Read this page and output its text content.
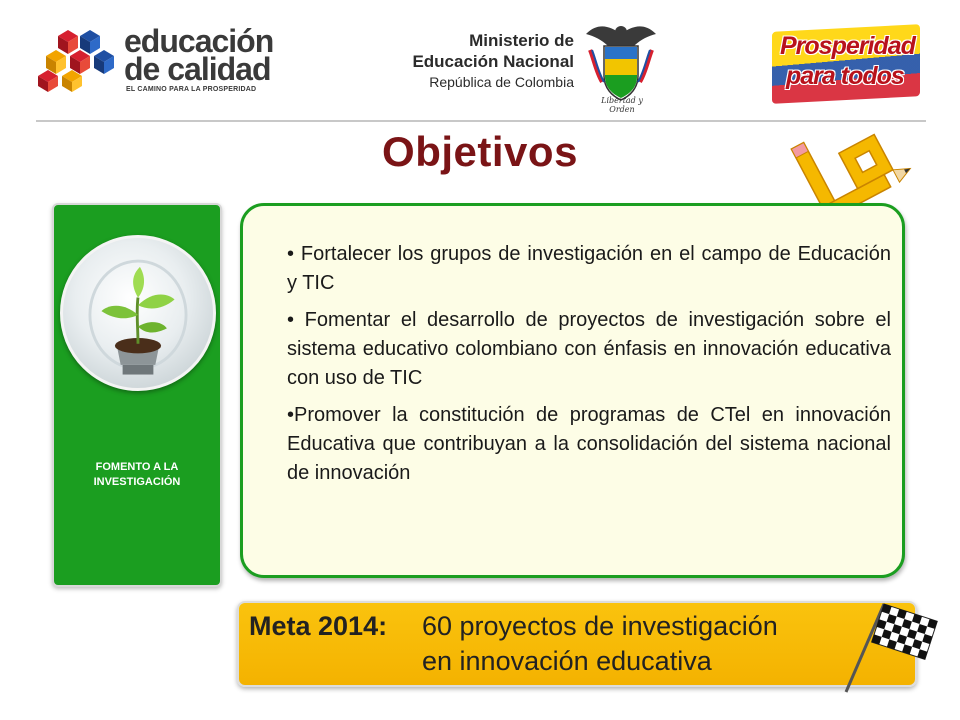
educación
de calidad
EL CAMINO PARA LA PROSPERIDAD
Ministerio de
Educación Nacional
República de Colombia
Libertad y Orden
Prosperidad
para todos
Objetivos
FOMENTO A LA
INVESTIGACIÓN
• Fortalecer los grupos de investigación en el campo de Educación y TIC
• Fomentar el desarrollo de proyectos de investigación sobre el sistema educativo colombiano con énfasis en innovación educativa con uso de TIC
•Promover la constitución de programas de CTel en innovación Educativa que contribuyan a la consolidación del sistema nacional de innovación
Meta 2014: 60 proyectos de investigación
en innovación educativa
